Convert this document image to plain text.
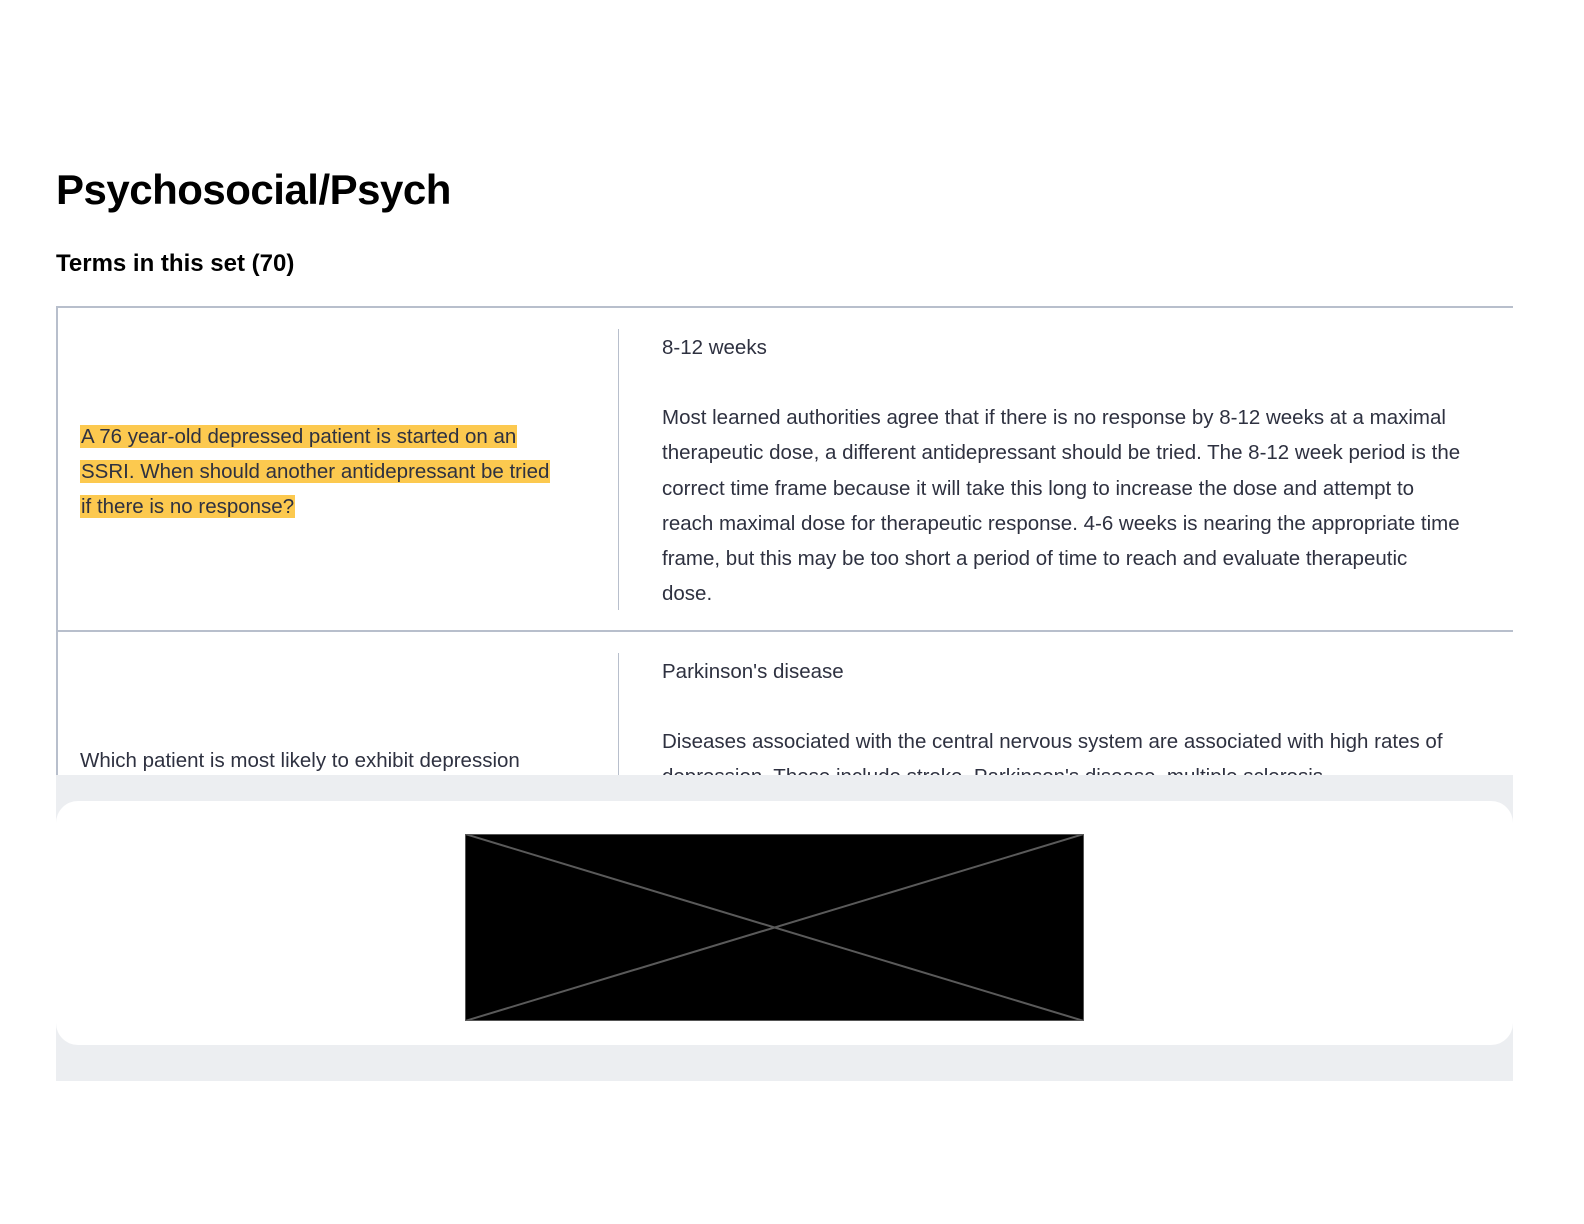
Psychosocial/Psych
Terms in this set (70)
A 76 year-old depressed patient is started on an SSRI. When should another antidepressant be tried if there is no response?

8-12 weeks

Most learned authorities agree that if there is no response by 8-12 weeks at a maximal therapeutic dose, a different antidepressant should be tried. The 8-12 week period is the correct time frame because it will take this long to increase the dose and attempt to reach maximal dose for therapeutic response. 4-6 weeks is nearing the appropriate time frame, but this may be too short a period of time to reach and evaluate therapeutic dose.

Which patient is most likely to exhibit depression

Parkinson's disease

Diseases associated with the central nervous system are associated with high rates of
